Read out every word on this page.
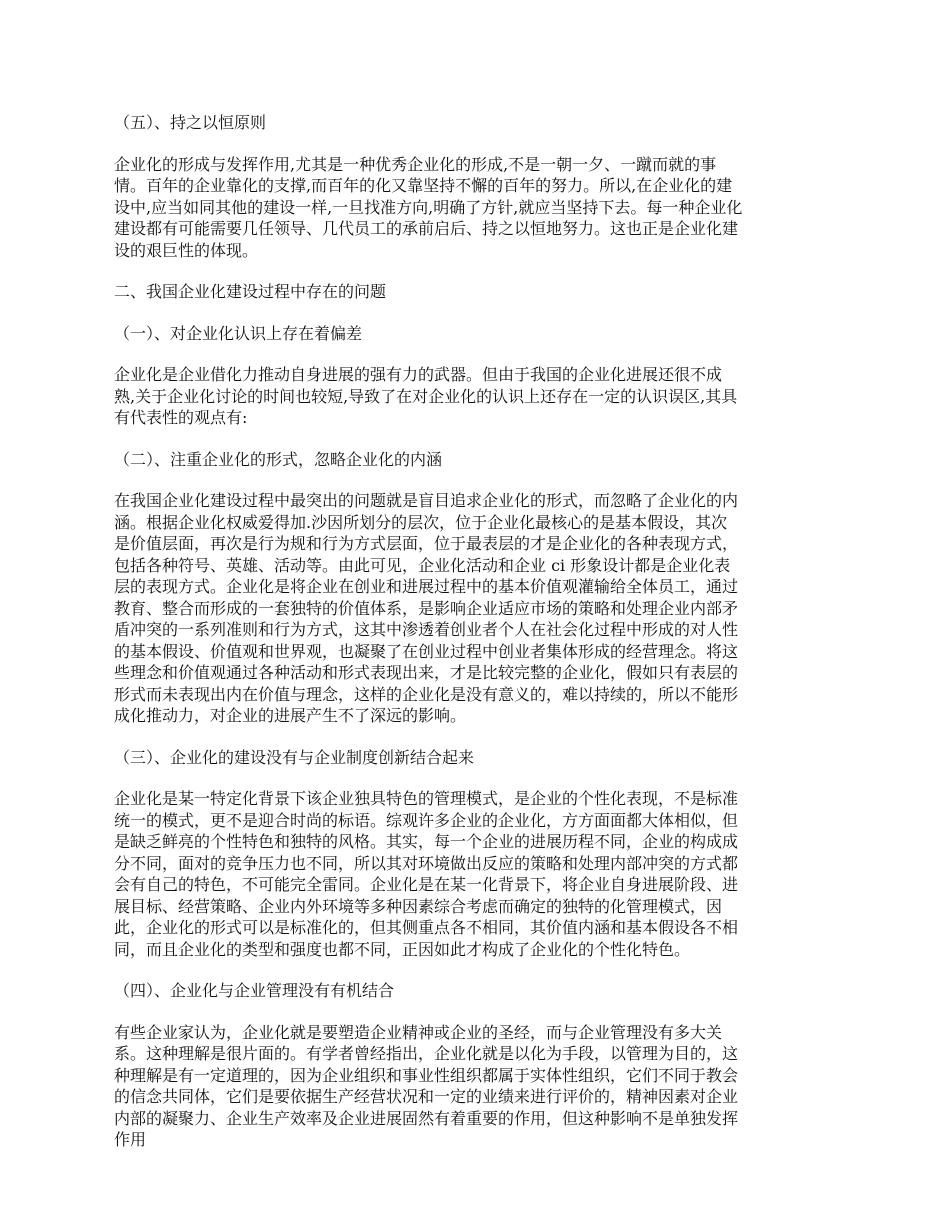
（五）、持之以恒原则
企业化的形成与发挥作用,尤其是一种优秀企业化的形成,不是一朝一夕、一蹴而就的事
情。百年的企业靠化的支撑,而百年的化又靠坚持不懈的百年的努力。所以,在企业化的建
设中,应当如同其他的建设一样,一旦找准方向,明确了方针,就应当坚持下去。每一种企业化
建设都有可能需要几任领导、几代员工的承前启后、持之以恒地努力。这也正是企业化建
设的艰巨性的体现。
二、我国企业化建设过程中存在的问题
（一）、对企业化认识上存在着偏差
企业化是企业借化力推动自身进展的强有力的武器。但由于我国的企业化进展还很不成
熟,关于企业化讨论的时间也较短,导致了在对企业化的认识上还存在一定的认识误区,其具
有代表性的观点有:
（二）、注重企业化的形式，忽略企业化的内涵
在我国企业化建设过程中最突出的问题就是盲目追求企业化的形式，而忽略了企业化的内
涵。根据企业化权威爱得加.沙因所划分的层次，位于企业化最核心的是基本假设，其次
是价值层面，再次是行为规和行为方式层面，位于最表层的才是企业化的各种表现方式，
包括各种符号、英雄、活动等。由此可见，企业化活动和企业 ci 形象设计都是企业化表
层的表现方式。企业化是将企业在创业和进展过程中的基本价值观灌输给全体员工，通过
教育、整合而形成的一套独特的价值体系，是影响企业适应市场的策略和处理企业内部矛
盾冲突的一系列准则和行为方式，这其中渗透着创业者个人在社会化过程中形成的对人性
的基本假设、价值观和世界观，也凝聚了在创业过程中创业者集体形成的经营理念。将这
些理念和价值观通过各种活动和形式表现出来，才是比较完整的企业化，假如只有表层的
形式而未表现出内在价值与理念，这样的企业化是没有意义的，难以持续的，所以不能形
成化推动力，对企业的进展产生不了深远的影响。
（三）、企业化的建设没有与企业制度创新结合起来
企业化是某一特定化背景下该企业独具特色的管理模式，是企业的个性化表现，不是标准
统一的模式，更不是迎合时尚的标语。综观许多企业的企业化，方方面面都大体相似，但
是缺乏鲜亮的个性特色和独特的风格。其实，每一个企业的进展历程不同，企业的构成成
分不同，面对的竞争压力也不同，所以其对环境做出反应的策略和处理内部冲突的方式都
会有自己的特色，不可能完全雷同。企业化是在某一化背景下，将企业自身进展阶段、进
展目标、经营策略、企业内外环境等多种因素综合考虑而确定的独特的化管理模式，因
此，企业化的形式可以是标准化的，但其侧重点各不相同，其价值内涵和基本假设各不相
同，而且企业化的类型和强度也都不同，正因如此才构成了企业化的个性化特色。
（四）、企业化与企业管理没有有机结合
有些企业家认为，企业化就是要塑造企业精神或企业的圣经，而与企业管理没有多大关
系。这种理解是很片面的。有学者曾经指出，企业化就是以化为手段，以管理为目的，这
种理解是有一定道理的，因为企业组织和事业性组织都属于实体性组织，它们不同于教会
的信念共同体，它们是要依据生产经营状况和一定的业绩来进行评价的，精神因素对企业
内部的凝聚力、企业生产效率及企业进展固然有着重要的作用，但这种影响不是单独发挥
作用
